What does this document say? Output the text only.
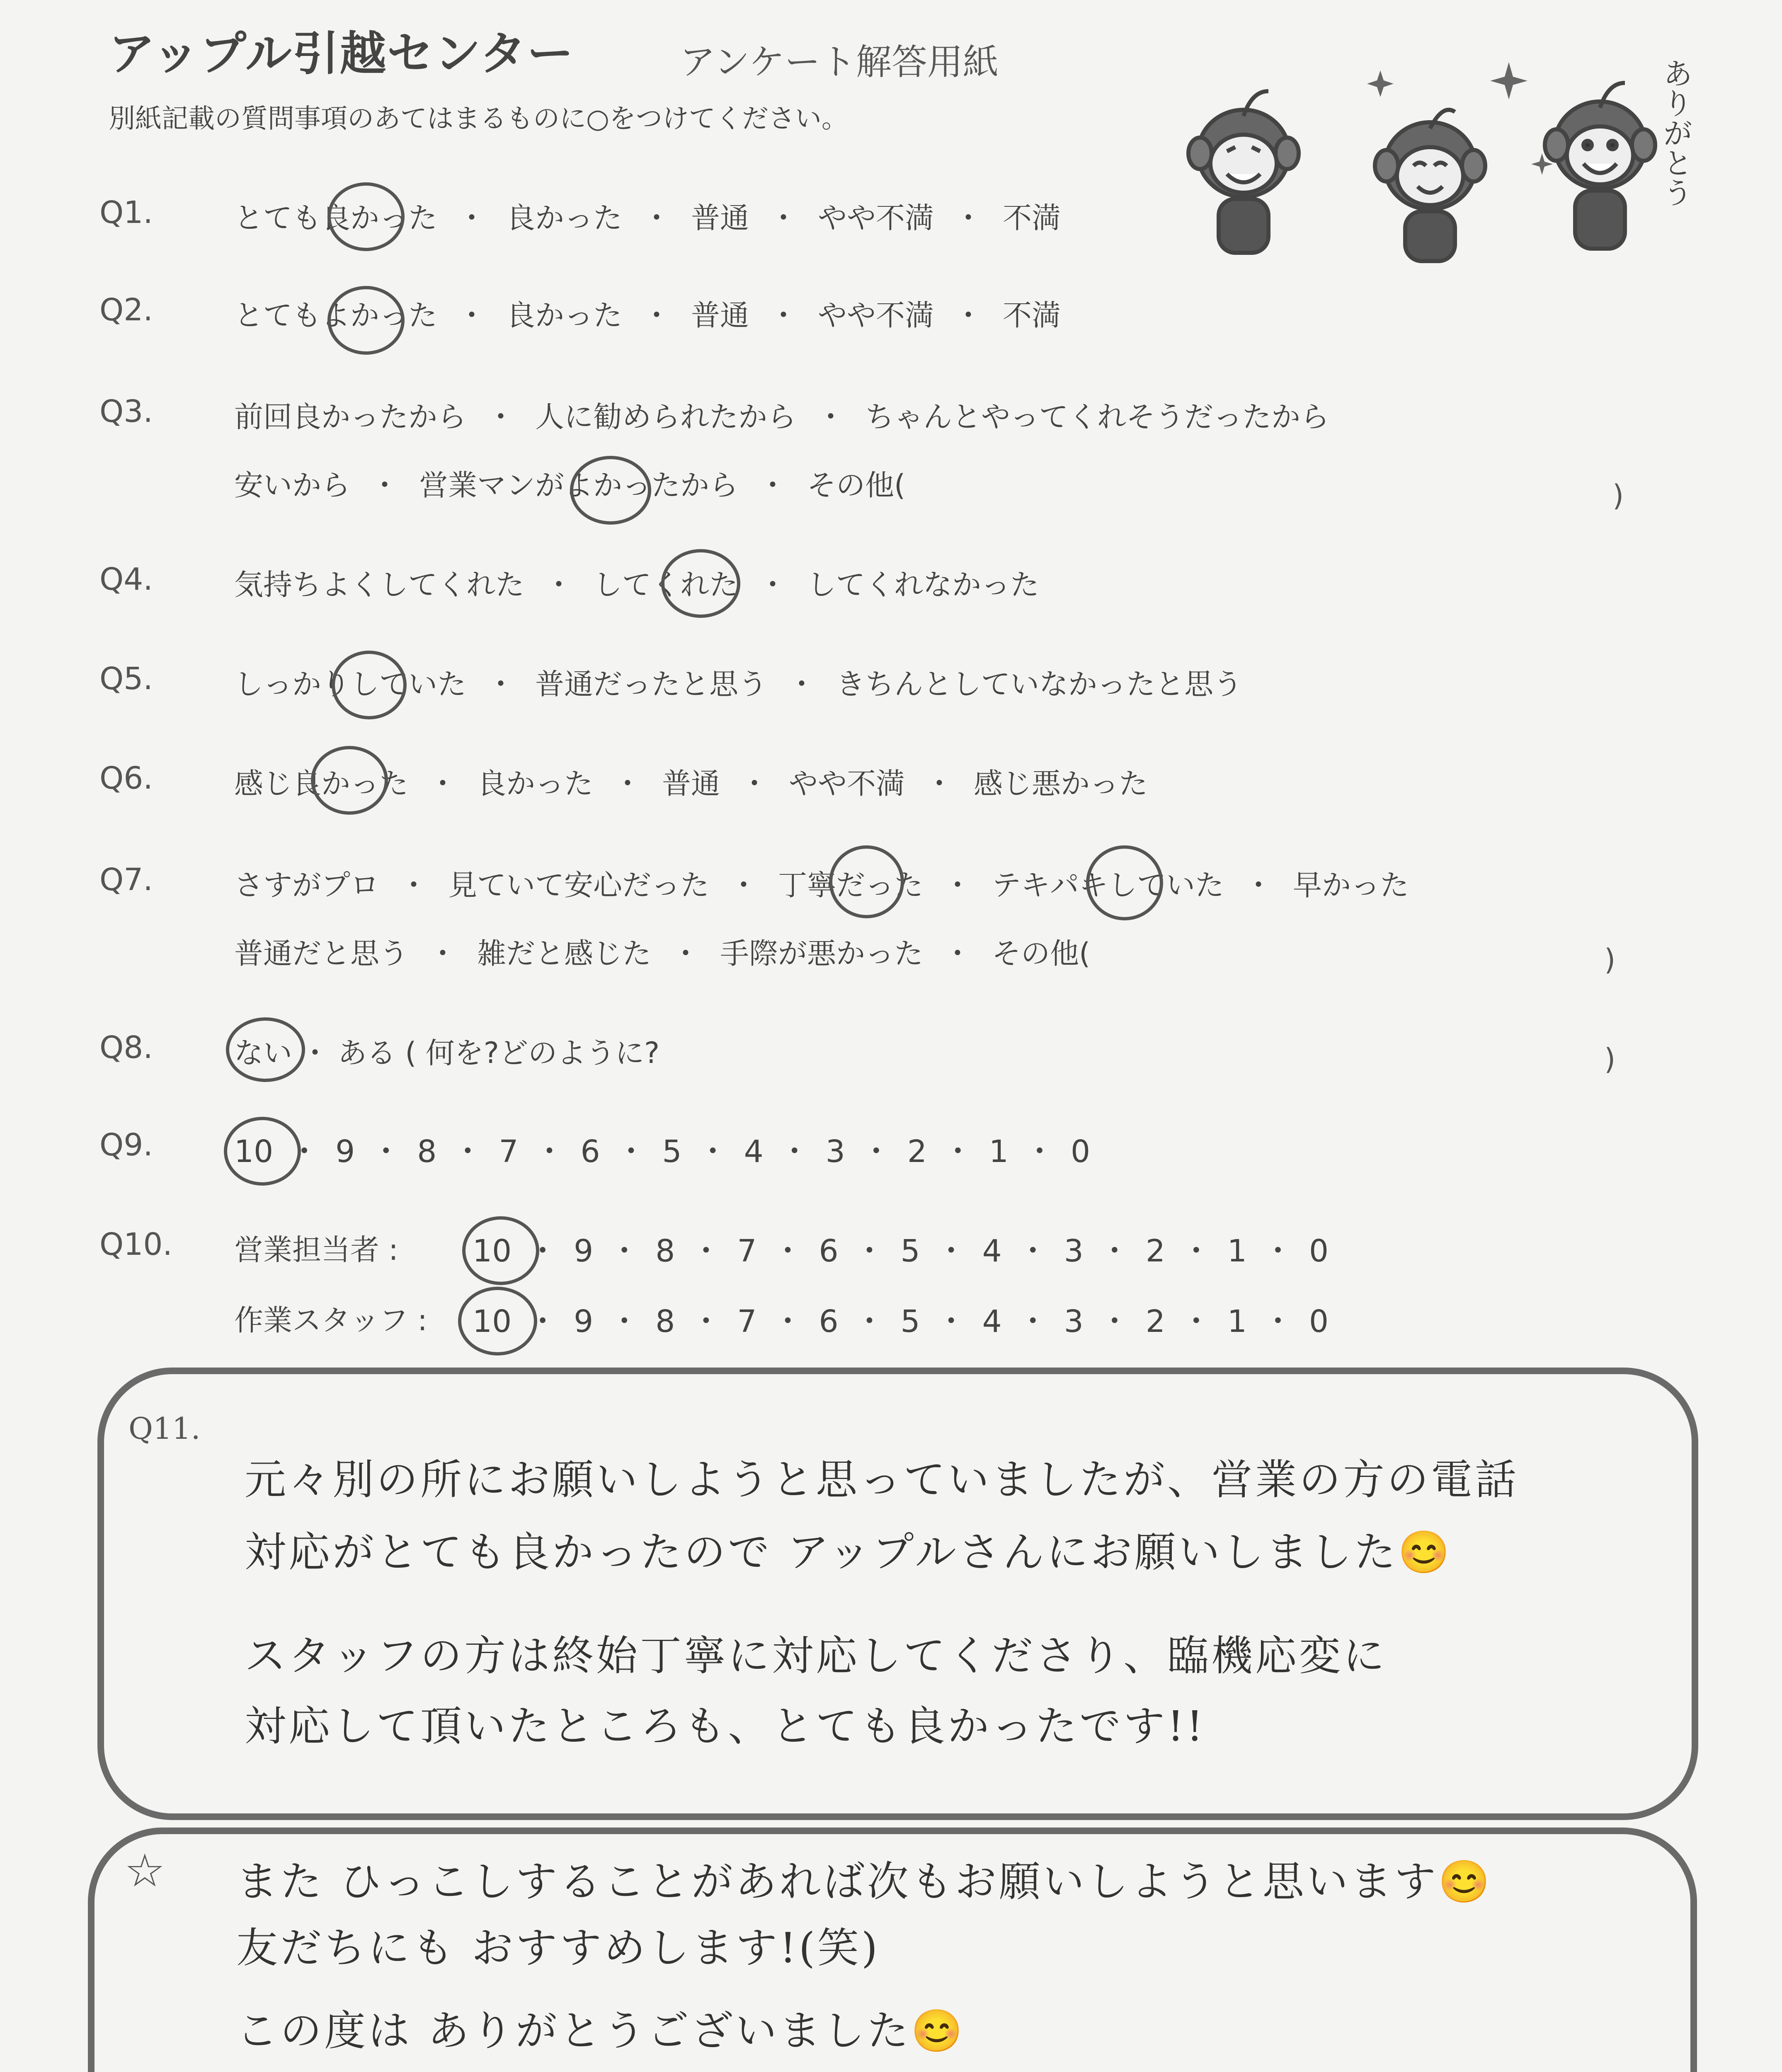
アップル引越センター	アンケート解答用紙
別紙記載の質問事項のあてはまるものに○をつけてください。	ありがとう
Q1.	とても良かった ・ 良かった ・ 普通 ・ やや不満 ・ 不満
Q2.	とてもよかった ・ 良かった ・ 普通 ・ やや不満 ・ 不満
Q3.	前回良かったから ・ 人に勧められたから ・ ちゃんとやってくれそうだったから
安いから ・ 営業マンがよかったから ・ その他(	)
Q4.	気持ちよくしてくれた ・ してくれた ・ してくれなかった
Q5.	しっかりしていた ・ 普通だったと思う ・ きちんとしていなかったと思う
Q6.	感じ良かった ・ 良かった ・ 普通 ・ やや不満 ・ 感じ悪かった
Q7.	さすがプロ ・ 見ていて安心だった ・ 丁寧だった ・ テキパキしていた ・ 早かった
普通だと思う ・ 雑だと感じた ・ 手際が悪かった ・ その他(	)
Q8.	ない ・ ある ( 何を?どのように?	)
Q9.	10 ・ 9 ・ 8 ・ 7 ・ 6 ・ 5 ・ 4 ・ 3 ・ 2 ・ 1 ・ 0
Q10. 営業担当者 : 10 ・ 9 ・ 8 ・ 7 ・ 6 ・ 5 ・ 4 ・ 3 ・ 2 ・ 1 ・ 0
作業スタッフ : 10 ・ 9 ・ 8 ・ 7 ・ 6 ・ 5 ・ 4 ・ 3 ・ 2 ・ 1 ・ 0
Q11.
元々別の所にお願いしようと思っていましたが、営業の方の電話
対応がとても良かったので アップルさんにお願いしました😊
スタッフの方は終始丁寧に対応してくださり、臨機応変に
対応して頂いたところも、とても良かったです!!
☆ また ひっこしすることがあれば次もお願いしようと思います😊
友だちにも おすすめします!(笑)
この度は ありがとうございました😊
